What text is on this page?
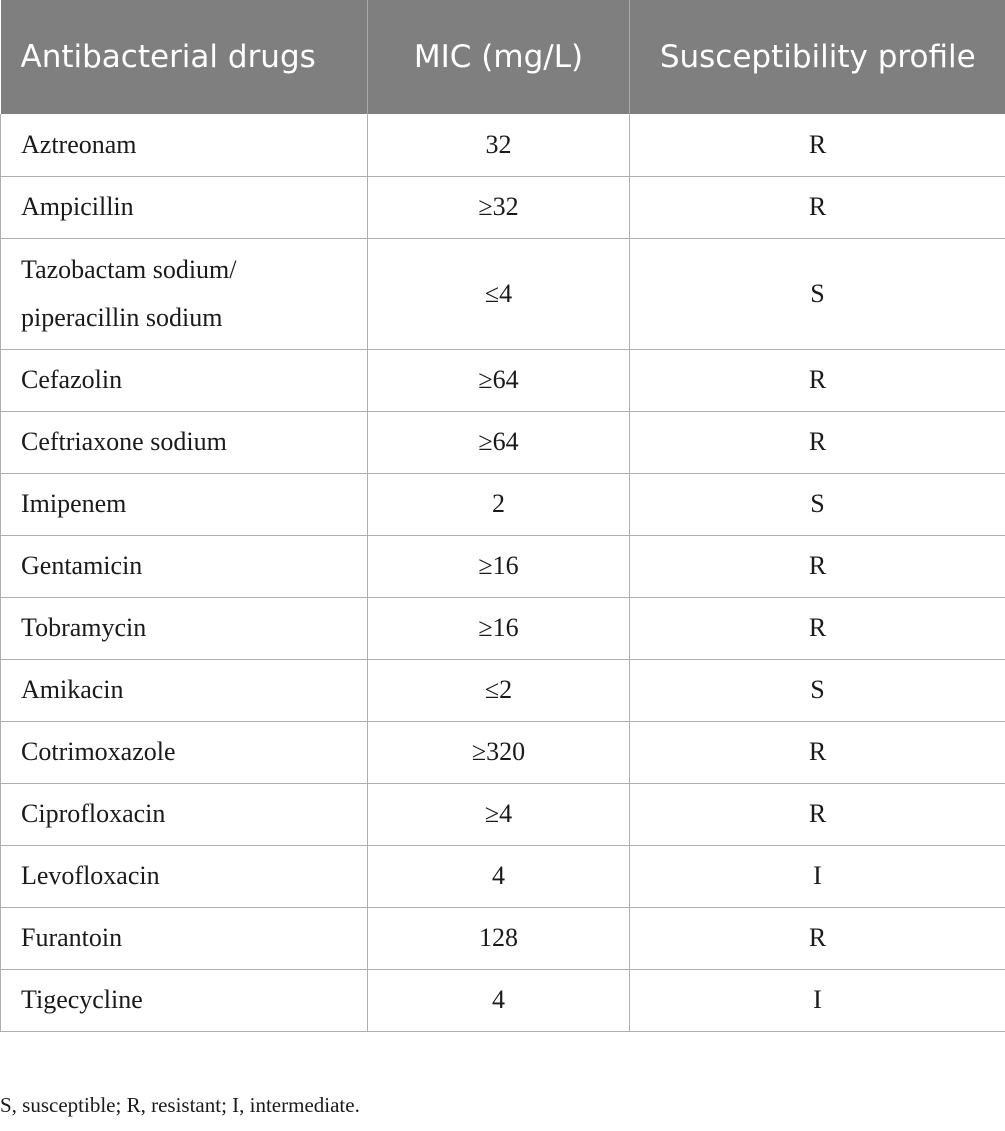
Antibacterial drugs	MIC (mg/L)	Susceptibility profile
Aztreonam	32	R
Ampicillin	≥32	R
Tazobactam sodium/ piperacillin sodium	≤4	S
Cefazolin	≥64	R
Ceftriaxone sodium	≥64	R
Imipenem	2	S
Gentamicin	≥16	R
Tobramycin	≥16	R
Amikacin	≤2	S
Cotrimoxazole	≥320	R
Ciprofloxacin	≥4	R
Levofloxacin	4	I
Furantoin	128	R
Tigecycline	4	I
S, susceptible; R, resistant; I, intermediate.
